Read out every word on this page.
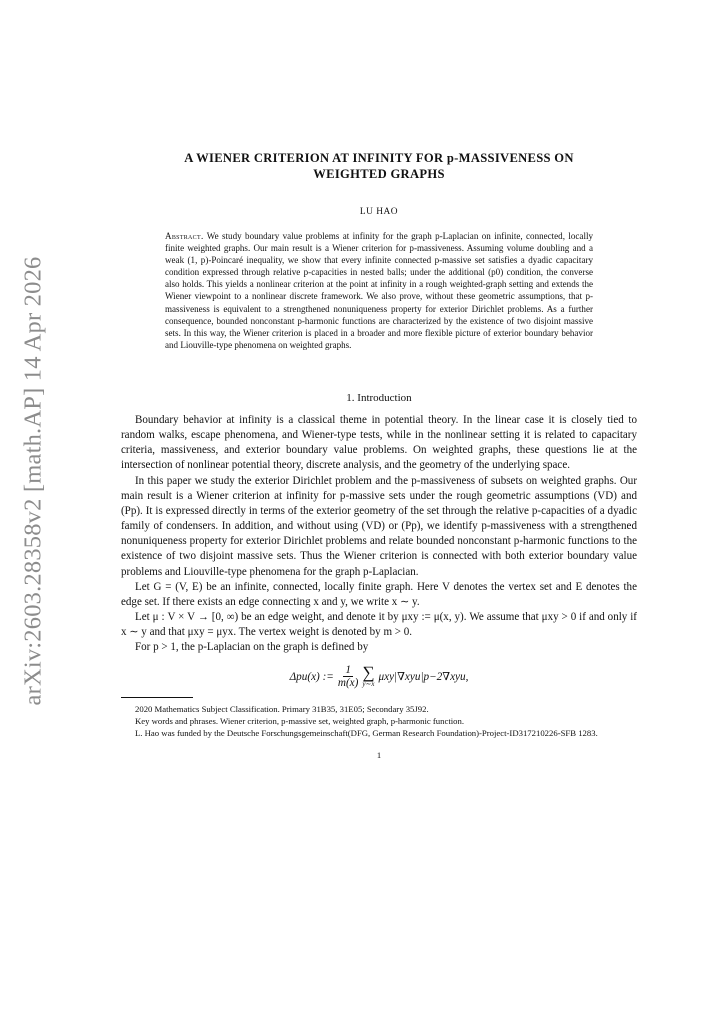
arXiv:2603.28358v2 [math.AP] 14 Apr 2026
A WIENER CRITERION AT INFINITY FOR p-MASSIVENESS ON
WEIGHTED GRAPHS
LU HAO
Abstract. We study boundary value problems at infinity for the graph p-Laplacian on infinite, connected, locally finite weighted graphs. Our main result is a Wiener criterion for p-massiveness. Assuming volume doubling and a weak (1, p)-Poincaré inequality, we show that every infinite connected p-massive set satisfies a dyadic capacitary condition expressed through relative p-capacities in nested balls; under the additional (p0) condition, the converse also holds. This yields a nonlinear criterion at the point at infinity in a rough weighted-graph setting and extends the Wiener viewpoint to a nonlinear discrete framework. We also prove, without these geometric assumptions, that p-massiveness is equivalent to a strengthened nonuniqueness property for exterior Dirichlet problems. As a further consequence, bounded nonconstant p-harmonic functions are characterized by the existence of two disjoint massive sets. In this way, the Wiener criterion is placed in a broader and more flexible picture of exterior boundary behavior and Liouville-type phenomena on weighted graphs.
1. Introduction

Boundary behavior at infinity is a classical theme in potential theory. In the linear case it is closely tied to random walks, escape phenomena, and Wiener-type tests, while in the nonlinear setting it is related to capacitary criteria, massiveness, and exterior boundary value problems. On weighted graphs, these questions lie at the intersection of nonlinear potential theory, discrete analysis, and the geometry of the underlying space.

In this paper we study the exterior Dirichlet problem and the p-massiveness of subsets on weighted graphs. Our main result is a Wiener criterion at infinity for p-massive sets under the rough geometric assumptions (VD) and (Pp). It is expressed directly in terms of the exterior geometry of the set through the relative p-capacities of a dyadic family of condensers. In addition, and without using (VD) or (Pp), we identify p-massiveness with a strengthened nonuniqueness property for exterior Dirichlet problems and relate bounded nonconstant p-harmonic functions to the existence of two disjoint massive sets. Thus the Wiener criterion is connected with both exterior boundary value problems and Liouville-type phenomena for the graph p-Laplacian.

Let G = (V, E) be an infinite, connected, locally finite graph. Here V denotes the vertex set and E denotes the edge set. If there exists an edge connecting x and y, we write x ∼ y.

Let μ : V × V → [0, ∞) be an edge weight, and denote it by μxy := μ(x, y). We assume that μxy > 0 if and only if x ∼ y and that μxy = μyx. The vertex weight is denoted by m > 0.

For p > 1, the p-Laplacian on the graph is defined by

Δpu(x) := $\frac{1}{m(x)}$ ∑
y∼x
μxy|∇xyu|p−2∇xyu,

2020 Mathematics Subject Classification. Primary 31B35, 31E05; Secondary 35J92.

Key words and phrases. Wiener criterion, p-massive set, weighted graph, p-harmonic function.

L. Hao was funded by the Deutsche Forschungsgemeinschaft(DFG, German Research Foundation)-Project-ID317210226-SFB 1283.

1
